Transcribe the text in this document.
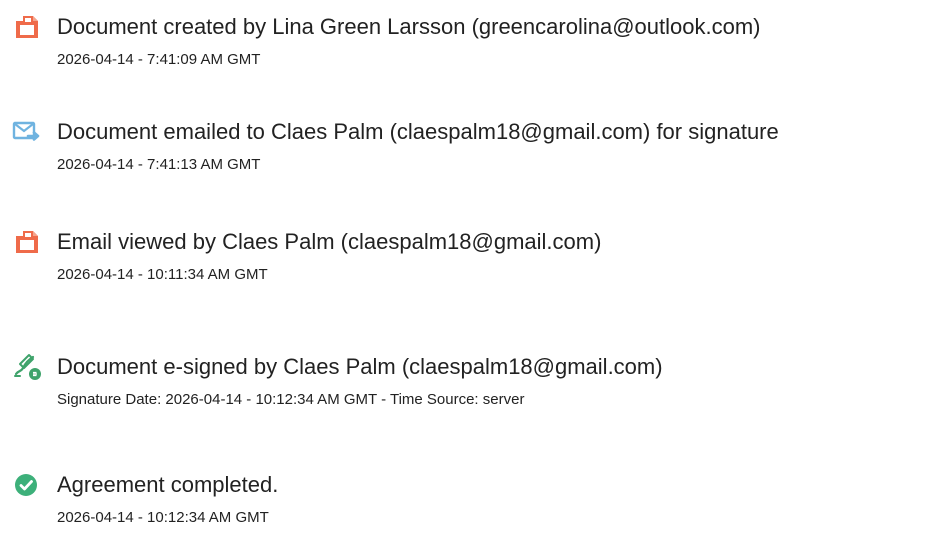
Document created by Lina Green Larsson (greencarolina@outlook.com)
2026-04-14 - 7:41:09 AM GMT
Document emailed to Claes Palm (claespalm18@gmail.com) for signature
2026-04-14 - 7:41:13 AM GMT
Email viewed by Claes Palm (claespalm18@gmail.com)
2026-04-14 - 10:11:34 AM GMT
Document e-signed by Claes Palm (claespalm18@gmail.com)
Signature Date: 2026-04-14 - 10:12:34 AM GMT - Time Source: server
Agreement completed.
2026-04-14 - 10:12:34 AM GMT
